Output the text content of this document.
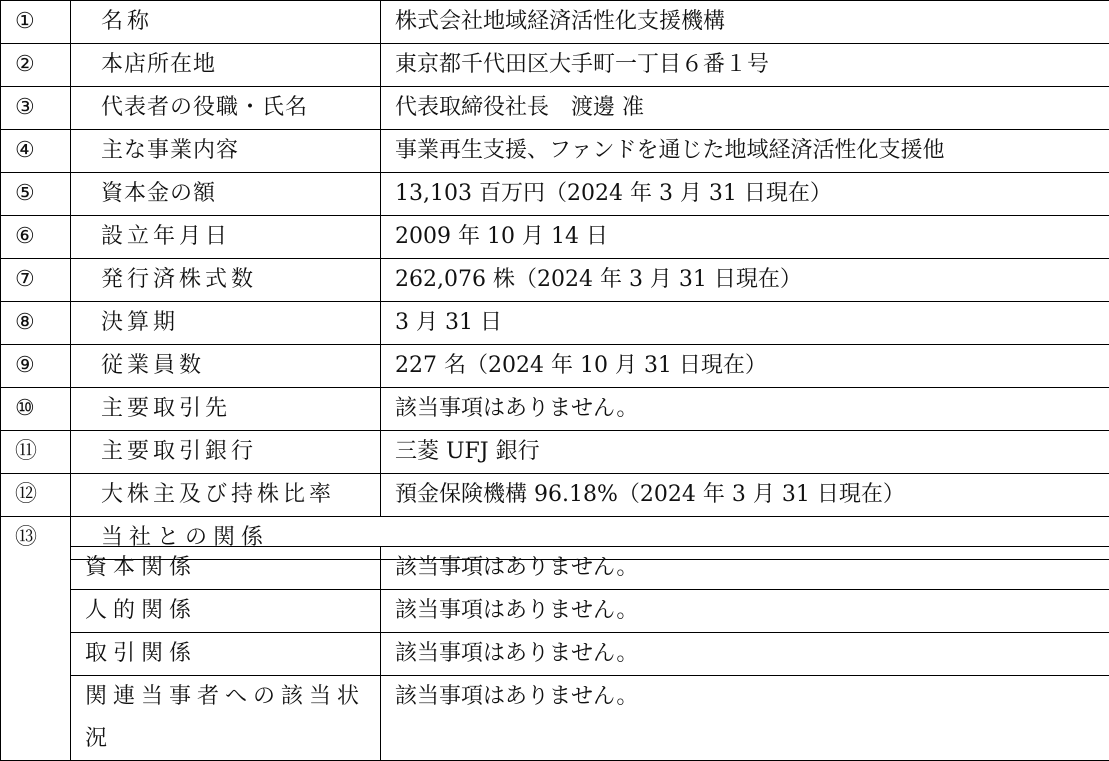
①	名称	株式会社地域経済活性化支援機構
②	本店所在地	東京都千代田区大手町一丁目６番１号
③	代表者の役職・氏名	代表取締役社長　渡邊 准
④	主な事業内容	事業再生支援、ファンドを通じた地域経済活性化支援他
⑤	資本金の額	13,103 百万円（2024 年 3 月 31 日現在）
⑥	設立年月日	2009 年 10 月 14 日
⑦	発行済株式数	262,076 株（2024 年 3 月 31 日現在）
⑧	決算期	3 月 31 日
⑨	従業員数	227 名（2024 年 10 月 31 日現在）
⑩	主要取引先	該当事項はありません。
⑪	主要取引銀行	三菱 UFJ 銀行
⑫	大株主及び持株比率	預金保険機構 96.18%（2024 年 3 月 31 日現在）
⑬	当社との関係	
	資本関係	該当事項はありません。
	人的関係	該当事項はありません。
	取引関係	該当事項はありません。
	関連当事者への該当状況	該当事項はありません。
